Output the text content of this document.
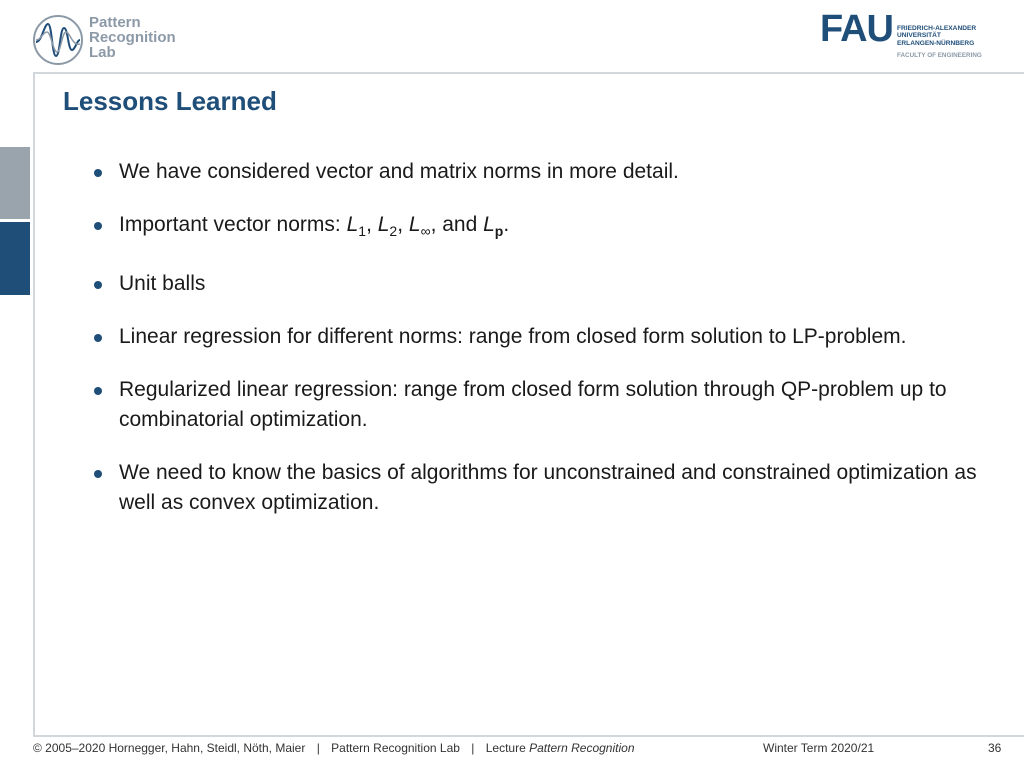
Pattern
Recognition
Lab
FAU FRIEDRICH-ALEXANDER
UNIVERSITÄT
ERLANGEN-NÜRNBERG
FACULTY OF ENGINEERING
Lessons Learned
We have considered vector and matrix norms in more detail.
Important vector norms: $L_1$, $L_2$, $L_\infty$, and $L_p$.
Unit balls
Linear regression for different norms: range from closed form solution to LP-problem.
Regularized linear regression: range from closed form solution through QP-problem up to combinatorial optimization.
We need to know the basics of algorithms for unconstrained and constrained optimization as well as convex optimization.
© 2005–2020 Hornegger, Hahn, Steidl, Nöth, Maier | Pattern Recognition Lab | Lecture Pattern Recognition	Winter Term 2020/21	36
